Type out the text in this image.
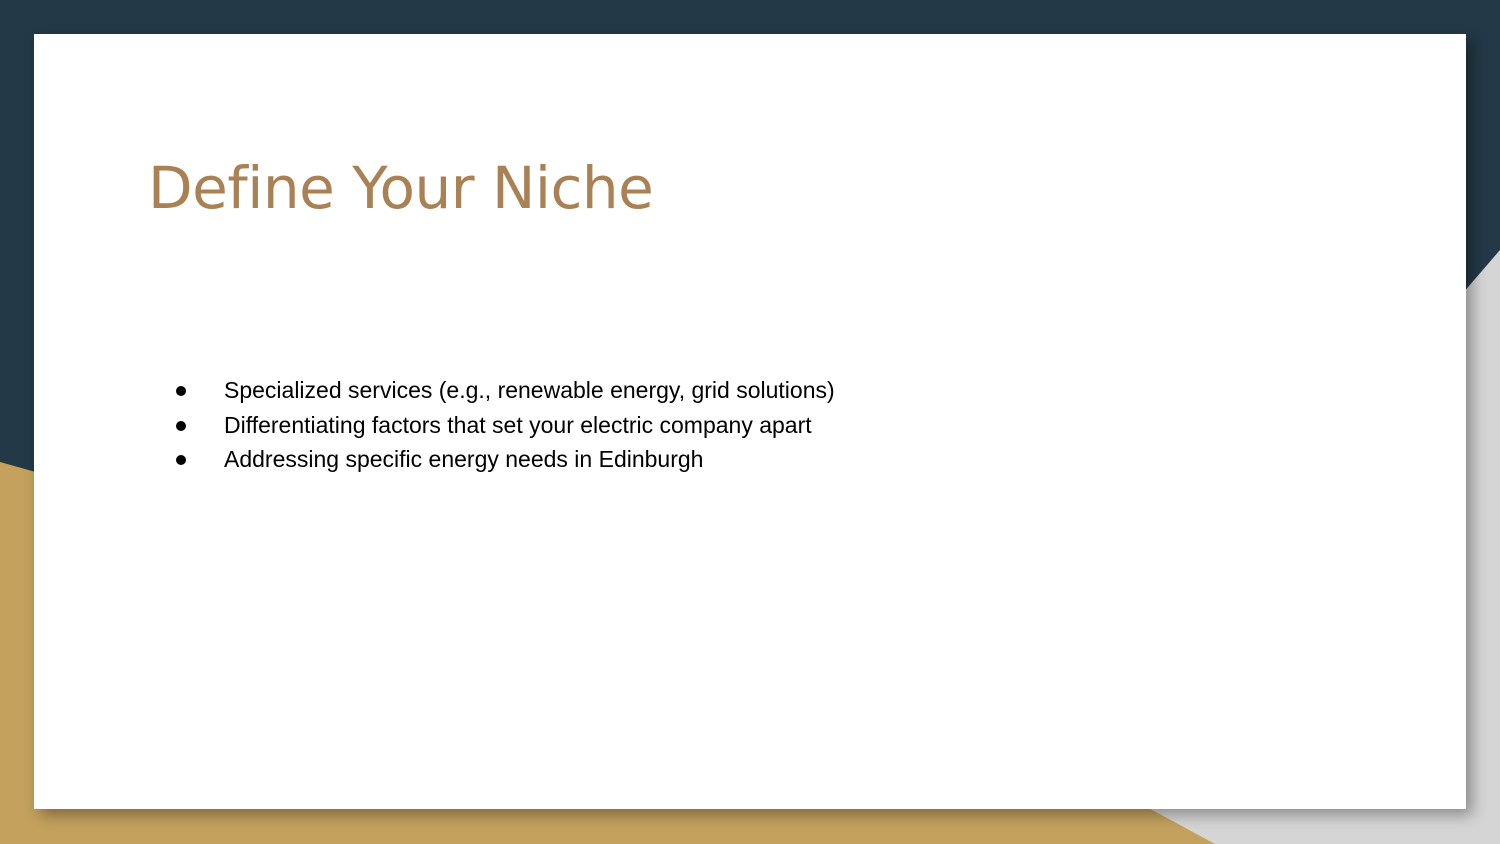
Define Your Niche
Specialized services (e.g., renewable energy, grid solutions)
Differentiating factors that set your electric company apart
Addressing specific energy needs in Edinburgh
